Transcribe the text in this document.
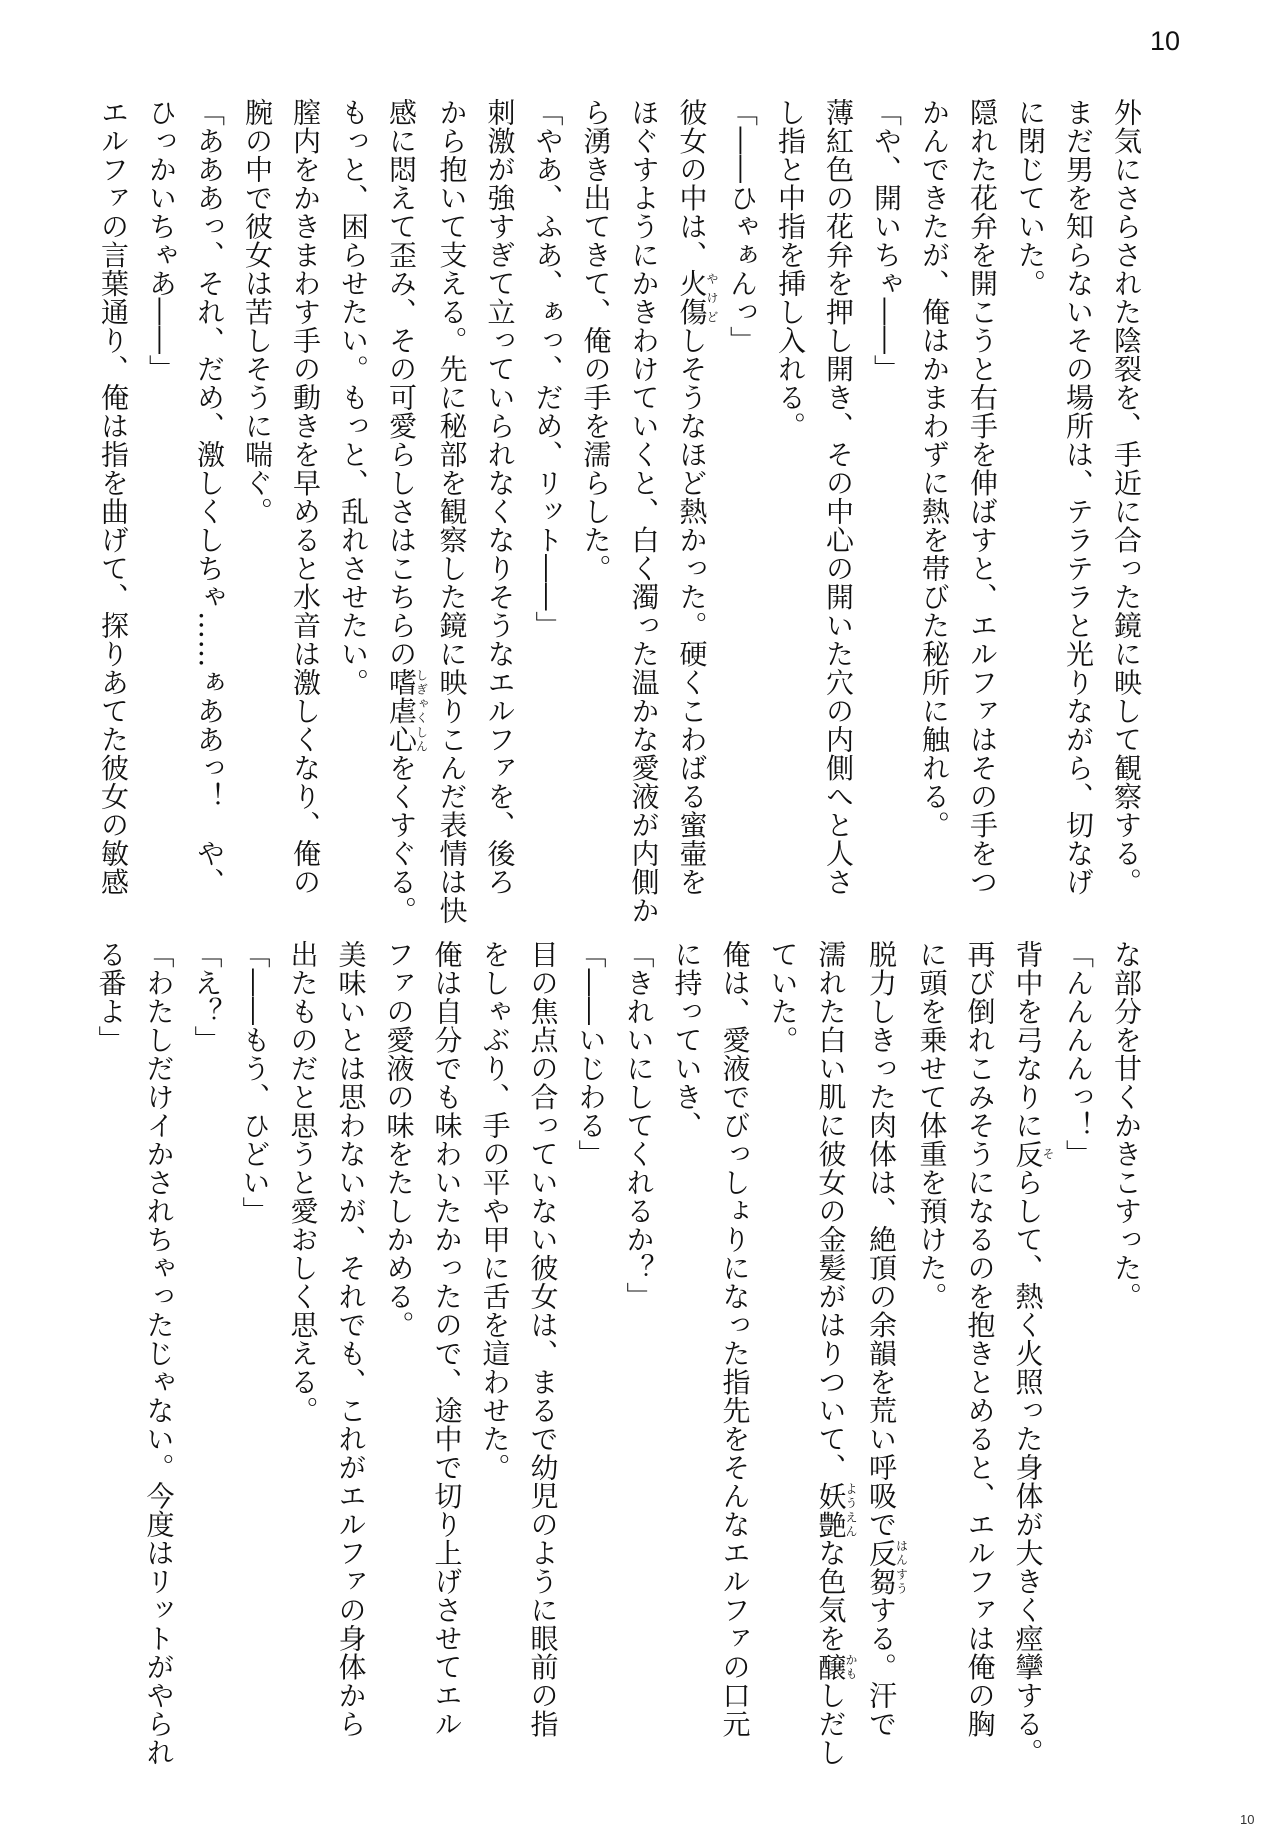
10

外気にさらされた陰裂を、手近に合った鏡に映して観察する。

まだ男を知らないその場所は、テラテラと光りながら、切なげ

に閉じていた。

隠れた花弁を開こうと右手を伸ばすと、エルファはその手をつ

かんできたが、俺はかまわずに熱を帯びた秘所に触れる。

「や、開いちゃ――」

薄紅色の花弁を押し開き、その中心の開いた穴の内側へと人さ

し指と中指を挿し入れる。

「――ひゃぁんっ」

彼女の中は、火傷やけどしそうなほど熱かった。硬くこわばる蜜壷を

ほぐすようにかきわけていくと、白く濁った温かな愛液が内側か

ら湧き出てきて、俺の手を濡らした。

「やあ、ふあ、ぁっ、だめ、リット――」

刺激が強すぎて立っていられなくなりそうなエルファを、後ろ

から抱いて支える。先に秘部を観察した鏡に映りこんだ表情は快

感に悶えて歪み、その可愛らしさはこちらの嗜虐心しぎゃくしんをくすぐる。

もっと、困らせたい。もっと、乱れさせたい。

膣内をかきまわす手の動きを早めると水音は激しくなり、俺の

腕の中で彼女は苦しそうに喘ぐ。

「あああっ、それ、だめ、激しくしちゃ……ぁああっ！　や、

ひっかいちゃあ――」

エルファの言葉通り、俺は指を曲げて、探りあてた彼女の敏感

な部分を甘くかきこすった。

「んんんんっ！」

背中を弓なりに反そらして、熱く火照った身体が大きく痙攣する。

再び倒れこみそうになるのを抱きとめると、エルファは俺の胸

に頭を乗せて体重を預けた。

脱力しきった肉体は、絶頂の余韻を荒い呼吸で反芻はんすうする。汗で

濡れた白い肌に彼女の金髪がはりついて、妖艶ようえんな色気を醸かもしだし

ていた。

俺は、愛液でびっしょりになった指先をそんなエルファの口元

に持っていき、

「きれいにしてくれるか？」

「――いじわる」

目の焦点の合っていない彼女は、まるで幼児のように眼前の指

をしゃぶり、手の平や甲に舌を這わせた。

俺は自分でも味わいたかったので、途中で切り上げさせてエル

ファの愛液の味をたしかめる。

美味いとは思わないが、それでも、これがエルファの身体から

出たものだと思うと愛おしく思える。

「――もう、ひどい」

「え？」

「わたしだけイかされちゃったじゃない。今度はリットがやられ

る番よ」

10
